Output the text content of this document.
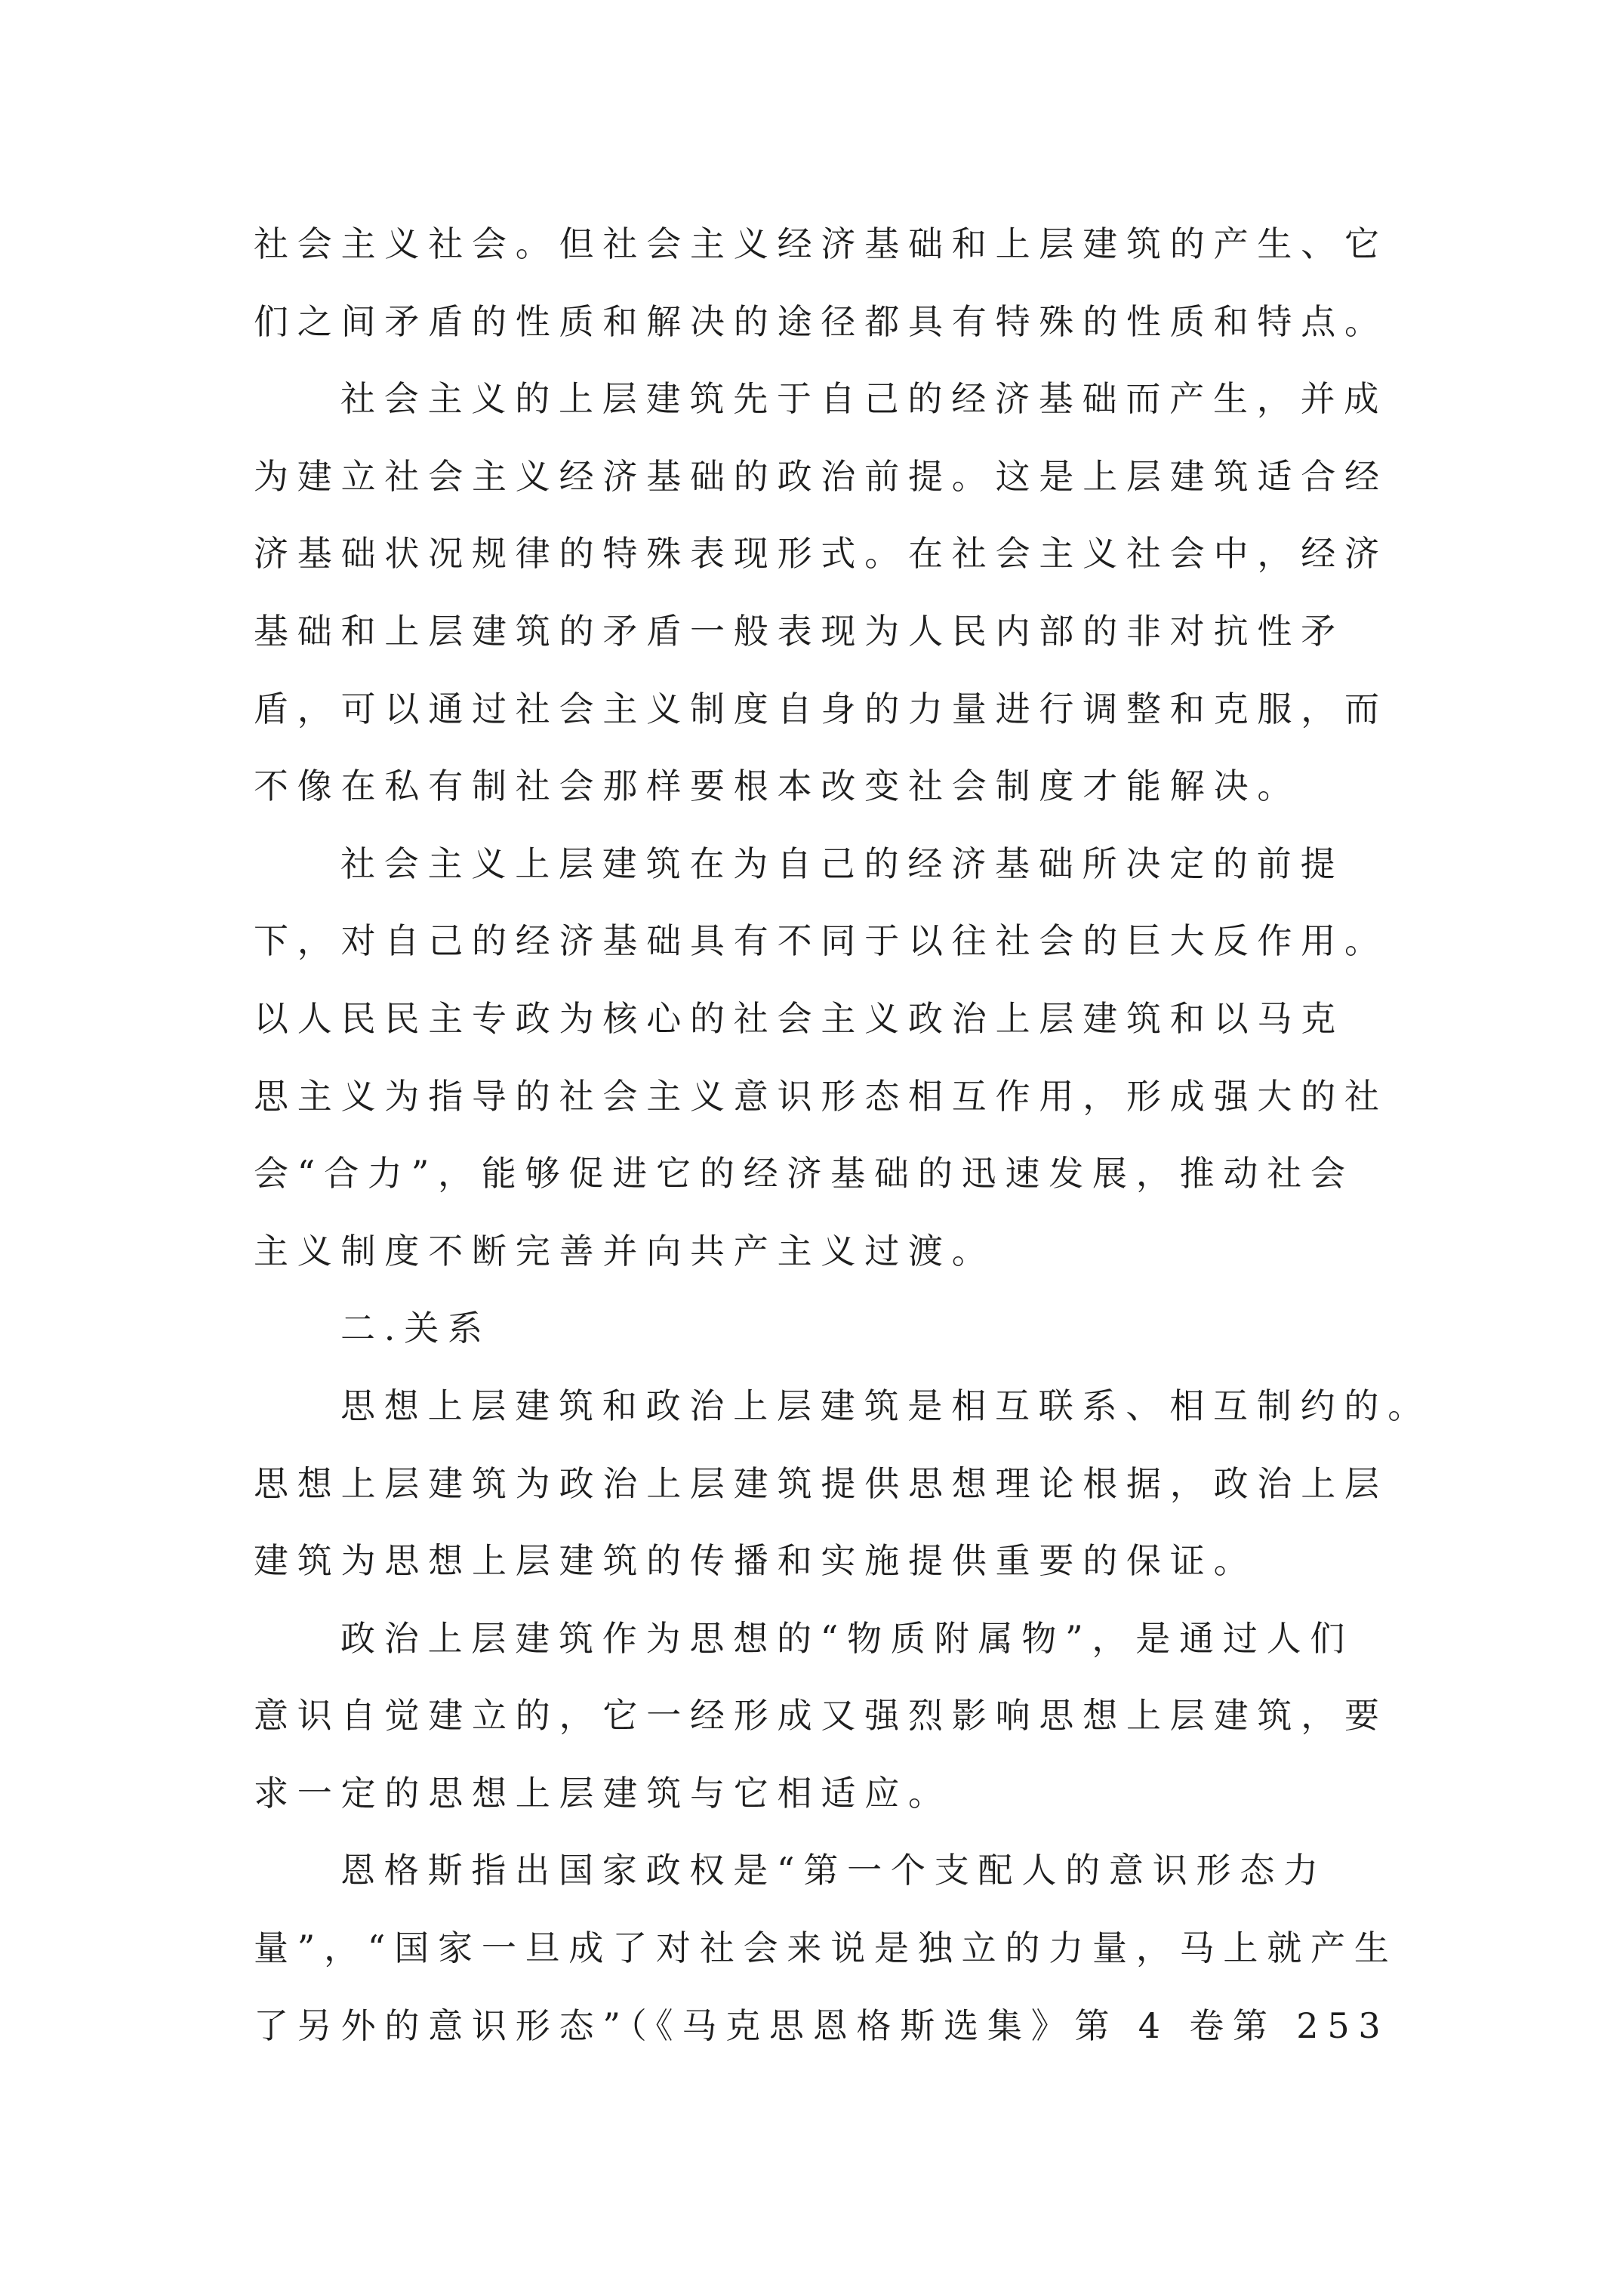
社会主义社会。但社会主义经济基础和上层建筑的产生、它
们之间矛盾的性质和解决的途径都具有特殊的性质和特点。
社会主义的上层建筑先于自己的经济基础而产生，并成
为建立社会主义经济基础的政治前提。这是上层建筑适合经
济基础状况规律的特殊表现形式。在社会主义社会中，经济
基础和上层建筑的矛盾一般表现为人民内部的非对抗性矛
盾，可以通过社会主义制度自身的力量进行调整和克服，而
不像在私有制社会那样要根本改变社会制度才能解决。
社会主义上层建筑在为自己的经济基础所决定的前提
下，对自己的经济基础具有不同于以往社会的巨大反作用。
以人民民主专政为核心的社会主义政治上层建筑和以马克
思主义为指导的社会主义意识形态相互作用，形成强大的社
会“合力”，能够促进它的经济基础的迅速发展，推动社会
主义制度不断完善并向共产主义过渡。
二.关系
思想上层建筑和政治上层建筑是相互联系、相互制约的。
思想上层建筑为政治上层建筑提供思想理论根据，政治上层
建筑为思想上层建筑的传播和实施提供重要的保证。
政治上层建筑作为思想的“物质附属物”，是通过人们
意识自觉建立的，它一经形成又强烈影响思想上层建筑，要
求一定的思想上层建筑与它相适应。
恩格斯指出国家政权是“第一个支配人的意识形态力
量”，“国家一旦成了对社会来说是独立的力量，马上就产生
了另外的意识形态”（《马克思恩格斯选集》第 4 卷第 253
